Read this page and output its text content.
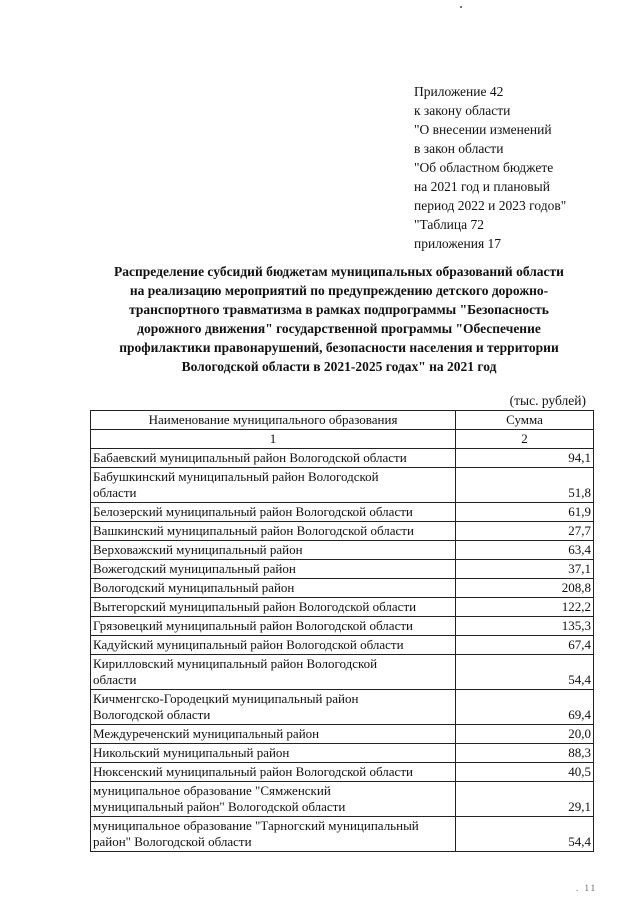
Приложение 42
к закону области
"О внесении изменений
в закон области
"Об областном бюджете
на 2021 год и плановый
период 2022 и 2023 годов"
"Таблица 72
приложения 17
Распределение субсидий бюджетам муниципальных образований области
на реализацию мероприятий по предупреждению детского дорожно-
транспортного травматизма в рамках подпрограммы "Безопасность
дорожного движения" государственной программы "Обеспечение
профилактики правонарушений, безопасности населения и территории
Вологодской области в 2021-2025 годах" на 2021 год
(тыс. рублей)
Наименование муниципального образования	Сумма
1	2

Бабаевский муниципальный район Вологодской области	94,1

Бабушкинский муниципальный район Вологодской
области	51,8

Белозерский муниципальный район Вологодской области	61,9

Вашкинский муниципальный район Вологодской области	27,7

Верховажский муниципальный район	63,4

Вожегодский муниципальный район	37,1

Вологодский муниципальный район	208,8

Вытегорский муниципальный район Вологодской области	122,2

Грязовецкий муниципальный район Вологодской области	135,3

Кадуйский муниципальный район Вологодской области	67,4

Кирилловский муниципальный район Вологодской
области	54,4

Кичменгско-Городецкий муниципальный район
Вологодской области	69,4

Междуреченский муниципальный район	20,0

Никольский муниципальный район	88,3

Нюксенский муниципальный район Вологодской области	40,5

муниципальное образование "Сямженский
муниципальный район" Вологодской области	29,1

муниципальное образование "Тарногский муниципальный
район" Вологодской области	54,4
. 11
